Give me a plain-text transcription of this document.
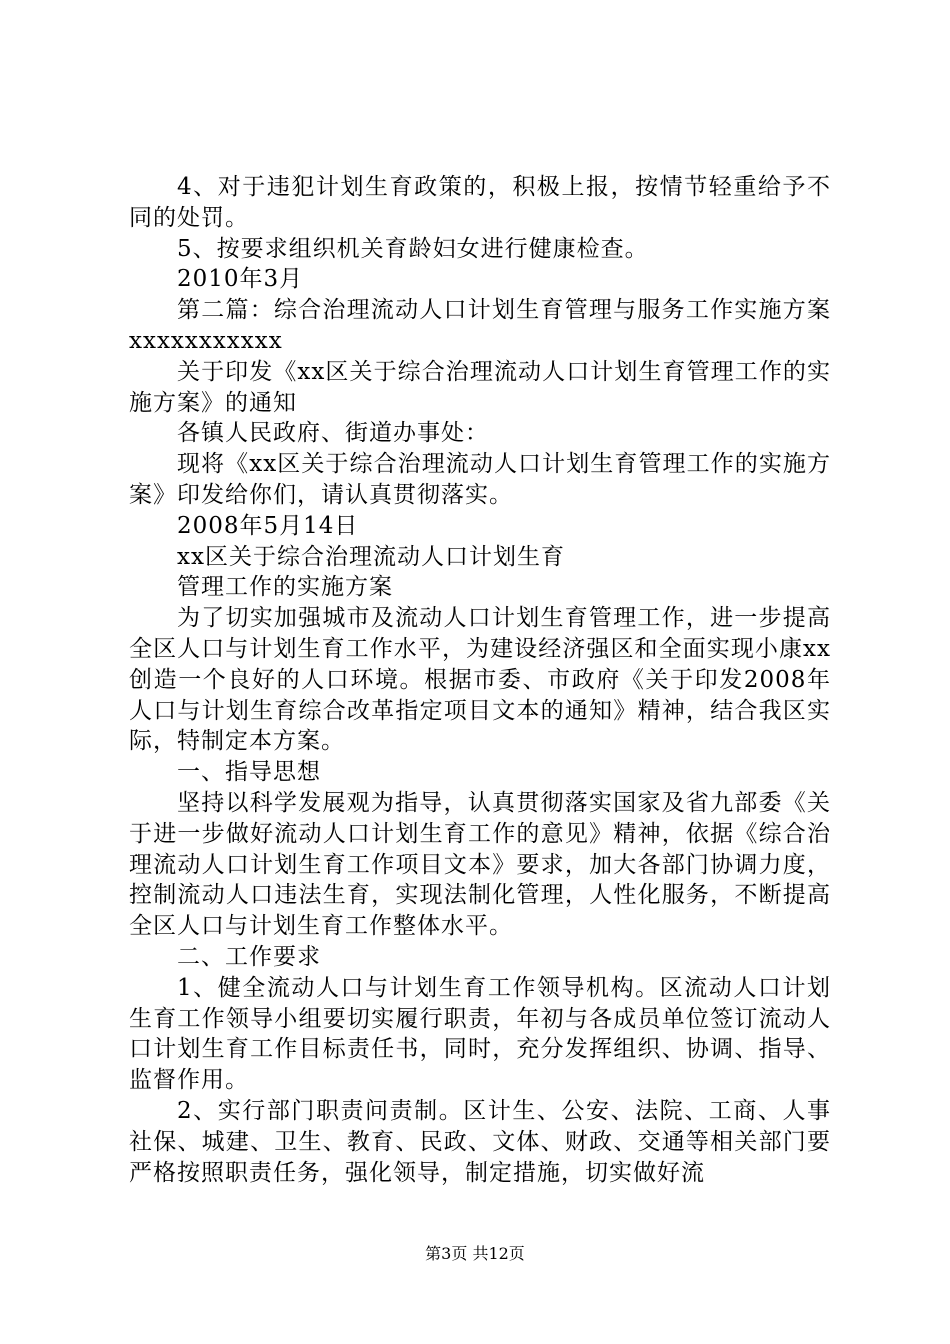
4、对于违犯计划生育政策的，积极上报，按情节轻重给予不同的处罚。

5、按要求组织机关育龄妇女进行健康检查。

2010年3月

第二篇：综合治理流动人口计划生育管理与服务工作实施方案xxxxxxxxxxx

关于印发《xx区关于综合治理流动人口计划生育管理工作的实施方案》的通知

各镇人民政府、街道办事处：

现将《xx区关于综合治理流动人口计划生育管理工作的实施方案》印发给你们，请认真贯彻落实。

2008年5月14日

xx区关于综合治理流动人口计划生育

管理工作的实施方案

为了切实加强城市及流动人口计划生育管理工作，进一步提高全区人口与计划生育工作水平，为建设经济强区和全面实现小康xx创造一个良好的人口环境。根据市委、市政府《关于印发2008年人口与计划生育综合改革指定项目文本的通知》精神，结合我区实际，特制定本方案。

一、指导思想

坚持以科学发展观为指导，认真贯彻落实国家及省九部委《关于进一步做好流动人口计划生育工作的意见》精神，依据《综合治理流动人口计划生育工作项目文本》要求，加大各部门协调力度，控制流动人口违法生育，实现法制化管理，人性化服务，不断提高全区人口与计划生育工作整体水平。

二、工作要求

1、健全流动人口与计划生育工作领导机构。区流动人口计划生育工作领导小组要切实履行职责，年初与各成员单位签订流动人口计划生育工作目标责任书，同时，充分发挥组织、协调、指导、监督作用。

2、实行部门职责问责制。区计生、公安、法院、工商、人事社保、城建、卫生、教育、民政、文体、财政、交通等相关部门要严格按照职责任务，强化领导，制定措施，切实做好流

第3页 共12页
